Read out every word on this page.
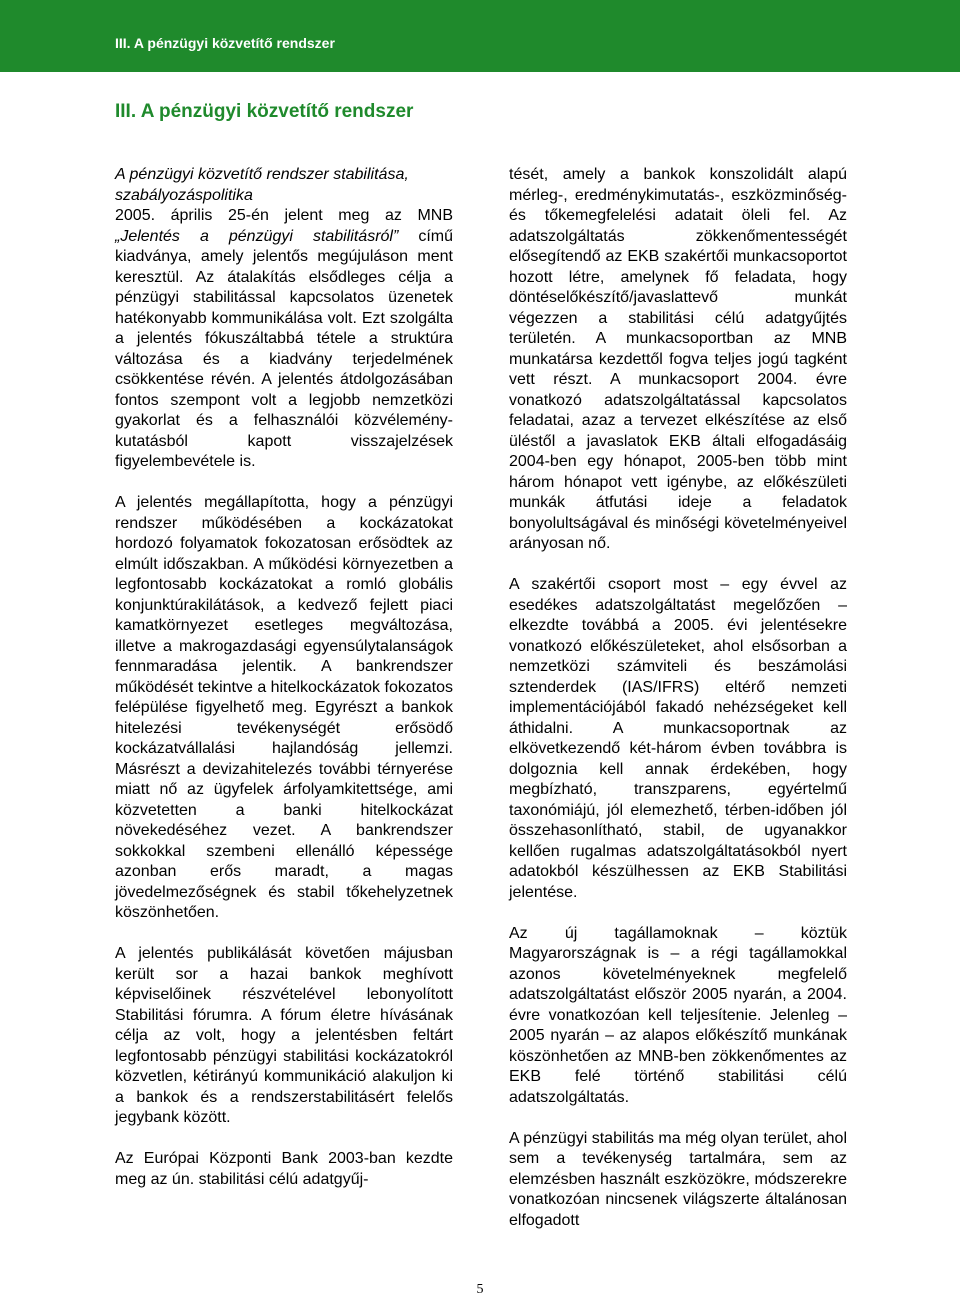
III. A pénzügyi közvetítő rendszer
III. A pénzügyi közvetítő rendszer

A pénzügyi közvetítő rendszer stabilitása, szabályozáspolitika

2005. április 25-én jelent meg az MNB „Jelentés a pénzügyi stabilitásról” című kiadványa, amely jelentős megújuláson ment keresztül. Az átalakítás elsődleges célja a pénzügyi stabilitással kapcsolatos üzenetek hatékonyabb kommunikálása volt. Ezt szolgálta a jelentés fókuszáltabbá tétele a struktúra változása és a kiadvány terjedelmének csökkentése révén. A jelentés átdolgozásában fontos szempont volt a legjobb nemzetközi gyakorlat és a felhasználói közvélemény-kutatásból kapott visszajelzések figyelembevétele is.

A jelentés megállapította, hogy a pénzügyi rendszer működésében a kockázatokat hordozó folyamatok fokozatosan erősödtek az elmúlt időszakban. A működési környezetben a legfontosabb kockázatokat a romló globális konjunktúrakilátások, a kedvező fejlett piaci kamatkörnyezet esetleges megváltozása, illetve a makrogazdasági egyensúlytalanságok fennmaradása jelentik. A bankrendszer működését tekintve a hitelkockázatok fokozatos felépülése figyelhető meg. Egyrészt a bankok hitelezési tevékenységét erősödő kockázatvállalási hajlandóság jellemzi. Másrészt a devizahitelezés további térnyerése miatt nő az ügyfelek árfolyamkitettsége, ami közvetetten a banki hitelkockázat növekedéséhez vezet. A bankrendszer sokkokkal szembeni ellenálló képessége azonban erős maradt, a magas jövedelmezőségnek és stabil tőkehelyzetnek köszönhetően.

A jelentés publikálását követően májusban került sor a hazai bankok meghívott képviselőinek részvételével lebonyolított Stabilitási fórumra. A fórum életre hívásának célja az volt, hogy a jelentésben feltárt legfontosabb pénzügyi stabilitási kockázatokról közvetlen, kétirányú kommunikáció alakuljon ki a bankok és a rendszerstabilitásért felelős jegybank között.

Az Európai Központi Bank 2003-ban kezdte meg az ún. stabilitási célú adatgyűj-

tését, amely a bankok konszolidált alapú mérleg-, eredménykimutatás-, eszközminőség- és tőkemegfelelési adatait öleli fel. Az adatszolgáltatás zökkenőmentességét elősegítendő az EKB szakértői munkacsoportot hozott létre, amelynek fő feladata, hogy döntéselőkészítő/javaslattevő munkát végezzen a stabilitási célú adatgyűjtés területén. A munkacsoportban az MNB munkatársa kezdettől fogva teljes jogú tagként vett részt. A munkacsoport 2004. évre vonatkozó adatszolgáltatással kapcsolatos feladatai, azaz a tervezet elkészítése az első üléstől a javaslatok EKB általi elfogadásáig 2004-ben egy hónapot, 2005-ben több mint három hónapot vett igénybe, az előkészületi munkák átfutási ideje a feladatok bonyolultságával és minőségi követelményeivel arányosan nő.

A szakértői csoport most – egy évvel az esedékes adatszolgáltatást megelőzően – elkezdte továbbá a 2005. évi jelentésekre vonatkozó előkészületeket, ahol elsősorban a nemzetközi számviteli és beszámolási sztenderdek (IAS/IFRS) eltérő nemzeti implementációjából fakadó nehézségeket kell áthidalni. A munkacsoportnak az elkövetkezendő két-három évben továbbra is dolgoznia kell annak érdekében, hogy megbízható, transzparens, egyértelmű taxonómiájú, jól elemezhető, térben-időben jól összehasonlítható, stabil, de ugyanakkor kellően rugalmas adatszolgáltatásokból nyert adatokból készülhessen az EKB Stabilitási jelentése.

Az új tagállamoknak – köztük Magyarországnak is – a régi tagállamokkal azonos követelményeknek megfelelő adatszolgáltatást először 2005 nyarán, a 2004. évre vonatkozóan kell teljesítenie. Jelenleg – 2005 nyarán – az alapos előkészítő munkának köszönhetően az MNB-ben zökkenőmentes az EKB felé történő stabilitási célú adatszolgáltatás.

A pénzügyi stabilitás ma még olyan terület, ahol sem a tevékenység tartalmára, sem az elemzésben használt eszközökre, módszerekre vonatkozóan nincsenek világszerte általánosan elfogadott

5
